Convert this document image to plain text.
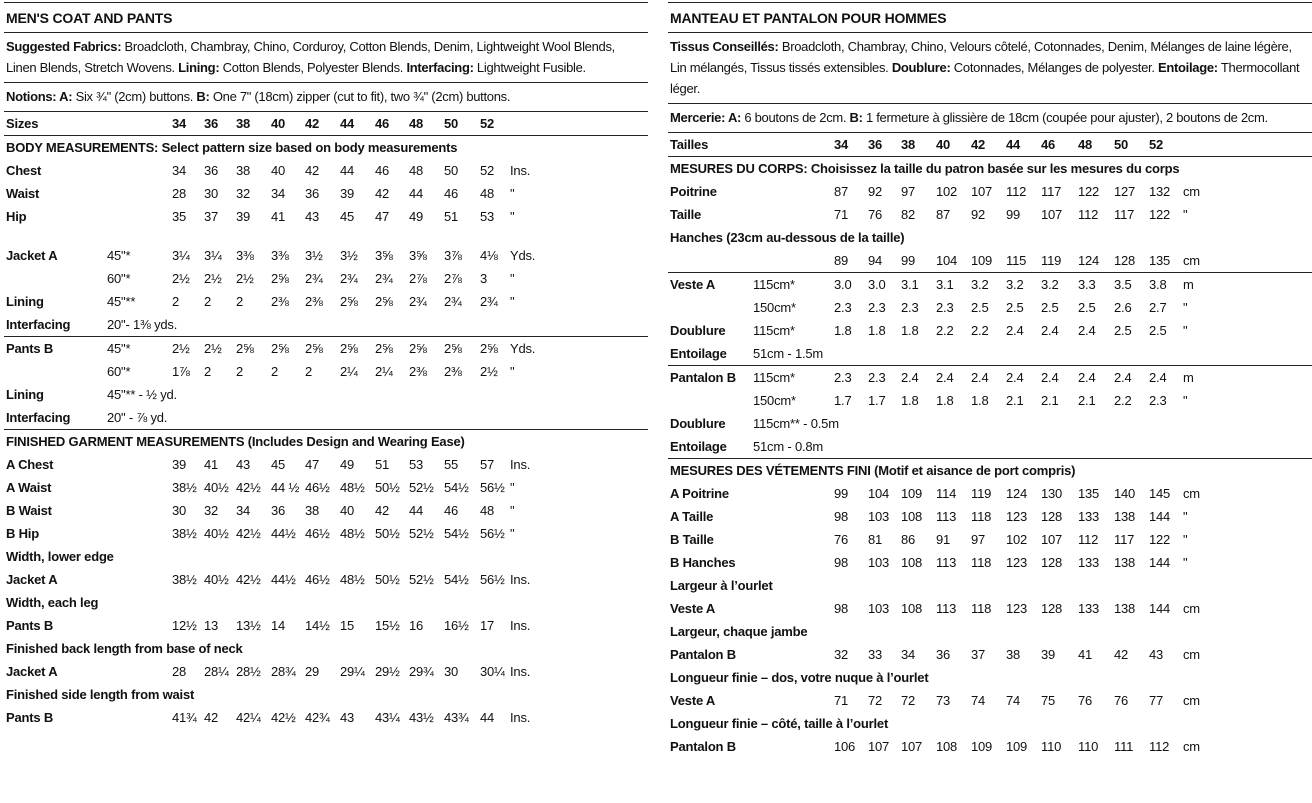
MEN'S COAT AND PANTS
Suggested Fabrics: Broadcloth, Chambray, Chino, Corduroy, Cotton Blends, Denim, Lightweight Wool Blends, Linen Blends, Stretch Wovens. Lining: Cotton Blends, Polyester Blends. Interfacing: Lightweight Fusible.
Notions: A: Six ¾" (2cm) buttons. B: One 7" (18cm) zipper (cut to fit), two ¾" (2cm) buttons.
Sizes	34 36 38 40 42 44 46 48 50 52
BODY MEASUREMENTS: Select pattern size based on body measurements
Chest	34 36 38 40 42 44 46 48 50 52 Ins.
Waist	28 30 32 34 36 39 42 44 46 48 "
Hip	35 37 39 41 43 45 47 49 51 53 "
Jacket A	45"*	3¼ 3¼ 3⅜ 3⅜ 3½ 3½ 3⅝ 3⅝ 3⅞ 4⅛ Yds.
60"*	2½ 2½ 2½ 2⅝ 2¾ 2¾ 2¾ 2⅞ 2⅞ 3 "
Lining	45"**	2 2 2 2⅜ 2⅜ 2⅝ 2⅝ 2¾ 2¾ 2¾ "
Interfacing	20"- 1⅜ yds.
Pants B	45"*	2½ 2½ 2⅝ 2⅝ 2⅝ 2⅝ 2⅝ 2⅝ 2⅝ 2⅝ Yds.
60"*	1⅞ 2 2 2 2 2¼ 2¼ 2⅜ 2⅜ 2½ "
Lining	45"** - ½ yd.
Interfacing	20" - ⅞ yd.
FINISHED GARMENT MEASUREMENTS (Includes Design and Wearing Ease)
A Chest	39 41 43 45 47 49 51 53 55 57 Ins.
A Waist	38½ 40½ 42½ 44 ½ 46½ 48½ 50½ 52½ 54½ 56½ "
B Waist	30 32 34 36 38 40 42 44 46 48 "
B Hip	38½ 40½ 42½ 44½ 46½ 48½ 50½ 52½ 54½ 56½ "
Width, lower edge
Jacket A	38½ 40½ 42½ 44½ 46½ 48½ 50½ 52½ 54½ 56½ Ins.
Width, each leg
Pants B	12½ 13 13½ 14 14½ 15 15½ 16 16½ 17 Ins.
Finished back length from base of neck
Jacket A	28 28¼ 28½ 28¾ 29 29¼ 29½ 29¾ 30 30¼ Ins.
Finished side length from waist
Pants B	41¾ 42 42¼ 42½ 42¾ 43 43¼ 43½ 43¾ 44 Ins.
MANTEAU ET PANTALON POUR HOMMES
Tissus Conseillés: Broadcloth, Chambray, Chino, Velours côtelé, Cotonnades, Denim, Mélanges de laine légère, Lin mélangés, Tissus tissés extensibles. Doublure: Cotonnades, Mélanges de polyester. Entoilage: Thermocollant léger.
Mercerie: A: 6 boutons de 2cm. B: 1 fermeture à glissière de 18cm (coupée pour ajuster), 2 boutons de 2cm.
Tailles	34 36 38 40 42 44 46 48 50 52
MESURES DU CORPS: Choisissez la taille du patron basée sur les mesures du corps
Poitrine	87 92 97 102 107 112 117 122 127 132 cm
Taille	71 76 82 87 92 99 107 112 117 122 "
Hanches (23cm au-dessous de la taille)
89 94 99 104 109 115 119 124 128 135 cm
Veste A	115cm*	3.0 3.0 3.1 3.1 3.2 3.2 3.2 3.3 3.5 3.8 m
150cm*	2.3 2.3 2.3 2.3 2.5 2.5 2.5 2.5 2.6 2.7 "
Doublure 115cm*	1.8 1.8 1.8 2.2 2.2 2.4 2.4 2.4 2.5 2.5 "
Entoilage 51cm - 1.5m
Pantalon B 115cm*	2.3 2.3 2.4 2.4 2.4 2.4 2.4 2.4 2.4 2.4 m
150cm*	1.7 1.7 1.8 1.8 1.8 2.1 2.1 2.1 2.2 2.3 "
Doublure 115cm** - 0.5m
Entoilage 51cm - 0.8m
MESURES DES VÉTEMENTS FINI (Motif et aisance de port compris)
A Poitrine	99 104 109 114 119 124 130 135 140 145 cm
A Taille	98 103 108 113 118 123 128 133 138 144 "
B Taille	76 81 86 91 97 102 107 112 117 122 "
B Hanches	98 103 108 113 118 123 128 133 138 144 "
Largeur à l’ourlet
Veste A	98 103 108 113 118 123 128 133 138 144 cm
Largeur, chaque jambe
Pantalon B	32 33 34 36 37 38 39 41 42 43 cm
Longueur finie – dos, votre nuque à l’ourlet
Veste A	71 72 72 73 74 74 75 76 76 77 cm
Longueur finie – côté, taille à l’ourlet
Pantalon B	106 107 107 108 109 109 110 110 111 112 cm
